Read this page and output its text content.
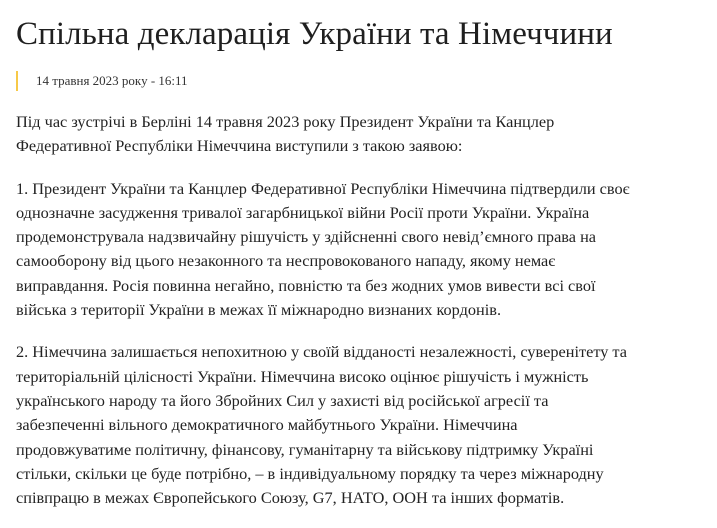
Спільна декларація України та Німеччини
14 травня 2023 року - 16:11

Під час зустрічі в Берліні 14 травня 2023 року Президент України та Канцлер
Федеративної Республіки Німеччина виступили з такою заявою:

1. Президент України та Канцлер Федеративної Республіки Німеччина підтвердили своє
однозначне засудження тривалої загарбницької війни Росії проти України. Україна
продемонструвала надзвичайну рішучість у здійсненні свого невід’ємного права на
самооборону від цього незаконного та неспровокованого нападу, якому немає
виправдання. Росія повинна негайно, повністю та без жодних умов вивести всі свої
війська з території України в межах її міжнародно визнаних кордонів.

2. Німеччина залишається непохитною у своїй відданості незалежності, суверенітету та
територіальній цілісності України. Німеччина високо оцінює рішучість і мужність
українського народу та його Збройних Сил у захисті від російської агресії та
забезпеченні вільного демократичного майбутнього України. Німеччина
продовжуватиме політичну, фінансову, гуманітарну та військову підтримку Україні
стільки, скільки це буде потрібно, – в індивідуальному порядку та через міжнародну
співпрацю в межах Європейського Союзу, G7, НАТО, ООН та інших форматів.
